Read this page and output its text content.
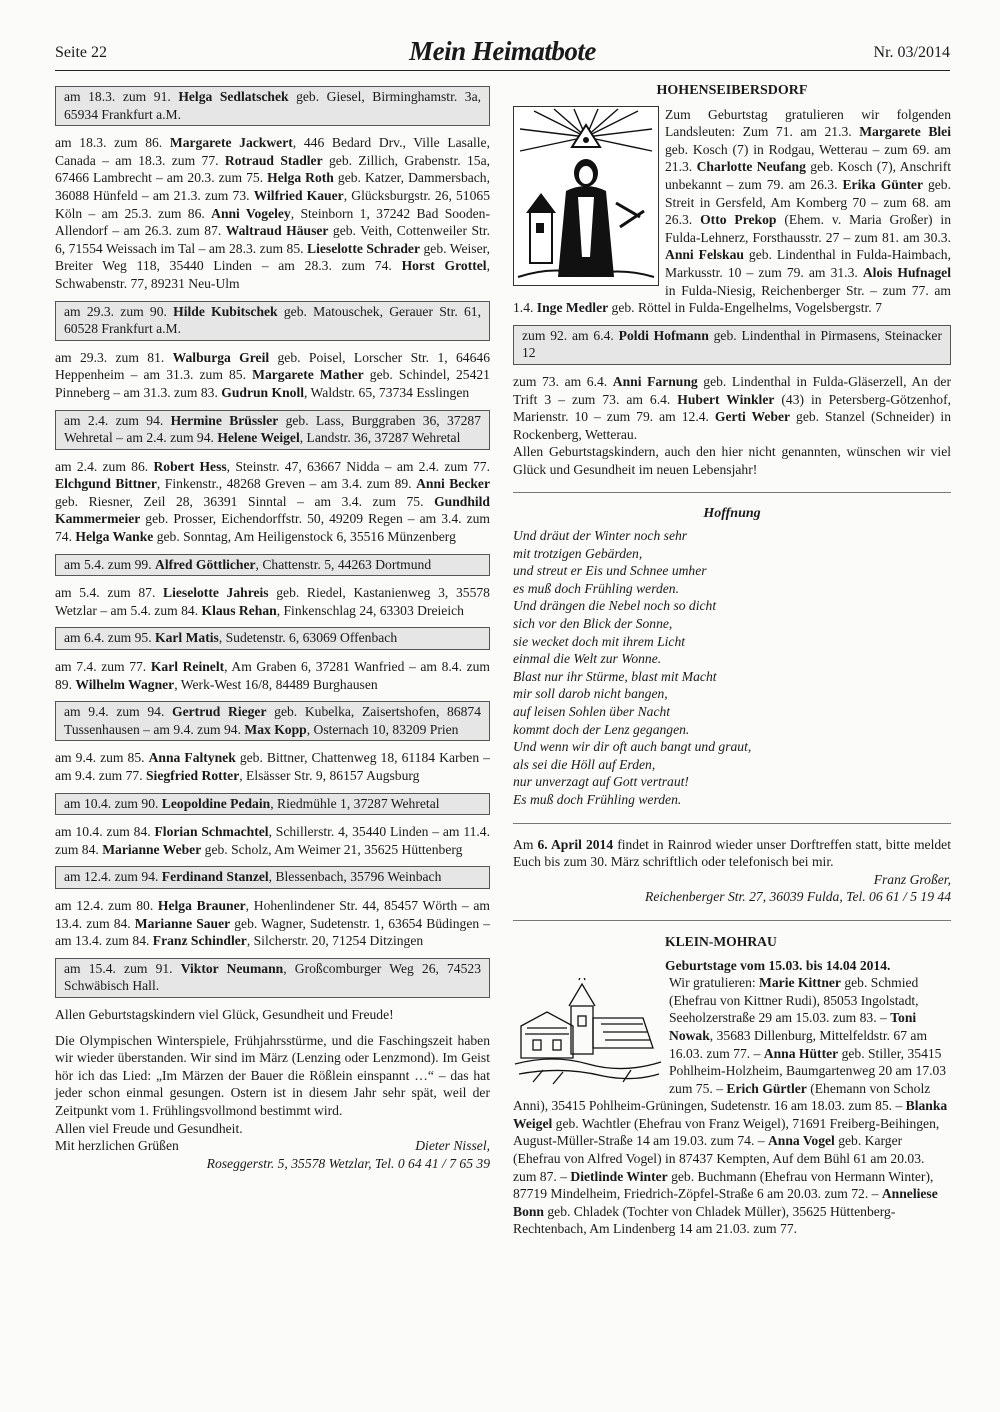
Seite 22	Mein Heimatbote	Nr. 03/2014
am 18.3. zum 91. Helga Sedlatschek geb. Giesel, Birminghamstr. 3a, 65934 Frankfurt a.M.

am 18.3. zum 86. Margarete Jackwert, 446 Bedard Drv., Ville Lasalle, Canada – am 18.3. zum 77. Rotraud Stadler geb. Zillich, Grabenstr. 15a, 67466 Lambrecht – am 20.3. zum 75. Helga Roth geb. Katzer, Dammersbach, 36088 Hünfeld – am 21.3. zum 73. Wilfried Kauer, Glücksburgstr. 26, 51065 Köln – am 25.3. zum 86. Anni Vogeley, Steinborn 1, 37242 Bad Sooden-Allendorf – am 26.3. zum 87. Waltraud Häuser geb. Veith, Cottenweiler Str. 6, 71554 Weissach im Tal – am 28.3. zum 85. Lieselotte Schrader geb. Weiser, Breiter Weg 118, 35440 Linden – am 28.3. zum 74. Horst Grottel, Schwabenstr. 77, 89231 Neu-Ulm

am 29.3. zum 90. Hilde Kubitschek geb. Matouschek, Gerauer Str. 61, 60528 Frankfurt a.M.

am 29.3. zum 81. Walburga Greil geb. Poisel, Lorscher Str. 1, 64646 Heppenheim – am 31.3. zum 85. Margarete Mather geb. Schindel, 25421 Pinneberg – am 31.3. zum 83. Gudrun Knoll, Waldstr. 65, 73734 Esslingen

am 2.4. zum 94. Hermine Brüssler geb. Lass, Burggraben 36, 37287 Wehretal – am 2.4. zum 94. Helene Weigel, Landstr. 36, 37287 Wehretal

am 2.4. zum 86. Robert Hess, Steinstr. 47, 63667 Nidda – am 2.4. zum 77. Elchgund Bittner, Finkenstr., 48268 Greven – am 3.4. zum 89. Anni Becker geb. Riesner, Zeil 28, 36391 Sinntal – am 3.4. zum 75. Gundhild Kammermeier geb. Prosser, Eichendorffstr. 50, 49209 Regen – am 3.4. zum 74. Helga Wanke geb. Sonntag, Am Heiligenstock 6, 35516 Münzenberg

am 5.4. zum 99. Alfred Göttlicher, Chattenstr. 5, 44263 Dortmund

am 5.4. zum 87. Lieselotte Jahreis geb. Riedel, Kastanienweg 3, 35578 Wetzlar – am 5.4. zum 84. Klaus Rehan, Finkenschlag 24, 63303 Dreieich

am 6.4. zum 95. Karl Matis, Sudetenstr. 6, 63069 Offenbach

am 7.4. zum 77. Karl Reinelt, Am Graben 6, 37281 Wanfried – am 8.4. zum 89. Wilhelm Wagner, Werk-West 16/8, 84489 Burghausen

am 9.4. zum 94. Gertrud Rieger geb. Kubelka, Zaisertshofen, 86874 Tussenhausen – am 9.4. zum 94. Max Kopp, Osternach 10, 83209 Prien

am 9.4. zum 85. Anna Faltynek geb. Bittner, Chattenweg 18, 61184 Karben – am 9.4. zum 77. Siegfried Rotter, Elsässer Str. 9, 86157 Augsburg

am 10.4. zum 90. Leopoldine Pedain, Riedmühle 1, 37287 Wehretal

am 10.4. zum 84. Florian Schmachtel, Schillerstr. 4, 35440 Linden – am 11.4. zum 84. Marianne Weber geb. Scholz, Am Weimer 21, 35625 Hüttenberg

am 12.4. zum 94. Ferdinand Stanzel, Blessenbach, 35796 Weinbach

am 12.4. zum 80. Helga Brauner, Hohenlindener Str. 44, 85457 Wörth – am 13.4. zum 84. Marianne Sauer geb. Wagner, Sudetenstr. 1, 63654 Büdingen – am 13.4. zum 84. Franz Schindler, Silcherstr. 20, 71254 Ditzingen

am 15.4. zum 91. Viktor Neumann, Großcomburger Weg 26, 74523 Schwäbisch Hall.

Allen Geburtstagskindern viel Glück, Gesundheit und Freude!

Die Olympischen Winterspiele, Frühjahrsstürme, und die Faschingszeit haben wir wieder überstanden. Wir sind im März (Lenzing oder Lenzmond). Im Geist hör ich das Lied: „Im Märzen der Bauer die Rößlein einspannt …“ – das hat jeder schon einmal gesungen. Ostern ist in diesem Jahr sehr spät, weil der Zeitpunkt vom 1. Frühlingsvollmond bestimmt wird.

Allen viel Freude und Gesundheit.
Mit herzlichen Grüßen	Dieter Nissel,
Roseggerstr. 5, 35578 Wetzlar, Tel. 0 64 41 / 7 65 39
HOHENSEIBERSDORF

Zum Geburtstag gratulieren wir folgenden Landsleuten: Zum 71. am 21.3. Margarete Blei geb. Kosch (7) in Rodgau, Wetterau – zum 69. am 21.3. Charlotte Neufang geb. Kosch (7), Anschrift unbekannt – zum 79. am 26.3. Erika Günter geb. Streit in Gersfeld, Am Komberg 70 – zum 68. am 26.3. Otto Prekop (Ehem. v. Maria Großer) in Fulda-Lehnerz, Forsthausstr. 27 – zum 81. am 30.3. Anni Felskau geb. Lindenthal in Fulda-Haimbach, Markusstr. 10 – zum 79. am 31.3. Alois Hufnagel in Fulda-Niesig, Reichenberger Str. – zum 77. am 1.4. Inge Medler geb. Röttel in Fulda-Engelhelms, Vogelsbergstr. 7

zum 92. am 6.4. Poldi Hofmann geb. Lindenthal in Pirmasens, Steinacker 12

zum 73. am 6.4. Anni Farnung geb. Lindenthal in Fulda-Gläserzell, An der Trift 3 – zum 73. am 6.4. Hubert Winkler (43) in Petersberg-Götzenhof, Marienstr. 10 – zum 79. am 12.4. Gerti Weber geb. Stanzel (Schneider) in Rockenberg, Wetterau.

Allen Geburtstagskindern, auch den hier nicht genannten, wünschen wir viel Glück und Gesundheit im neuen Lebensjahr!

Hoffnung
Und dräut der Winter noch sehr
mit trotzigen Gebärden,
und streut er Eis und Schnee umher
es muß doch Frühling werden.
Und drängen die Nebel noch so dicht
sich vor den Blick der Sonne,
sie wecket doch mit ihrem Licht
einmal die Welt zur Wonne.
Blast nur ihr Stürme, blast mit Macht
mir soll darob nicht bangen,
auf leisen Sohlen über Nacht
kommt doch der Lenz gegangen.
Und wenn wir dir oft auch bangt und graut,
als sei die Höll auf Erden,
nur unverzagt auf Gott vertraut!
Es muß doch Frühling werden.

Am 6. April 2014 findet in Rainrod wieder unser Dorftreffen statt, bitte meldet Euch bis zum 30. März schriftlich oder telefonisch bei mir.

Franz Großer,
Reichenberger Str. 27, 36039 Fulda, Tel. 06 61 / 5 19 44
KLEIN-MOHRAU
Geburtstage vom 15.03. bis 14.04 2014.

Wir gratulieren: Marie Kittner geb. Schmied (Ehefrau von Kittner Rudi), 85053 Ingolstadt, Seeholzerstraße 29 am 15.03. zum 83. – Toni Nowak, 35683 Dillenburg, Mittelfeldstr. 67 am 16.03. zum 77. – Anna Hütter geb. Stiller, 35415 Pohlheim-Holzheim, Baumgartenweg 20 am 17.03 zum 75. – Erich Gürtler (Ehemann von Scholz Anni), 35415 Pohlheim-Grüningen, Sudetenstr. 16 am 18.03. zum 85. – Blanka Weigel geb. Wachtler (Ehefrau von Franz Weigel), 71691 Freiberg-Beihingen, August-Müller-Straße 14 am 19.03. zum 74. – Anna Vogel geb. Karger (Ehefrau von Alfred Vogel) in 87437 Kempten, Auf dem Bühl 61 am 20.03. zum 87. – Dietlinde Winter geb. Buchmann (Ehefrau von Hermann Winter), 87719 Mindelheim, Friedrich-Zöpfel-Straße 6 am 20.03. zum 72. – Anneliese Bonn geb. Chladek (Tochter von Chladek Müller), 35625 Hüttenberg-Rechtenbach, Am Lindenberg 14 am 21.03. zum 77.
